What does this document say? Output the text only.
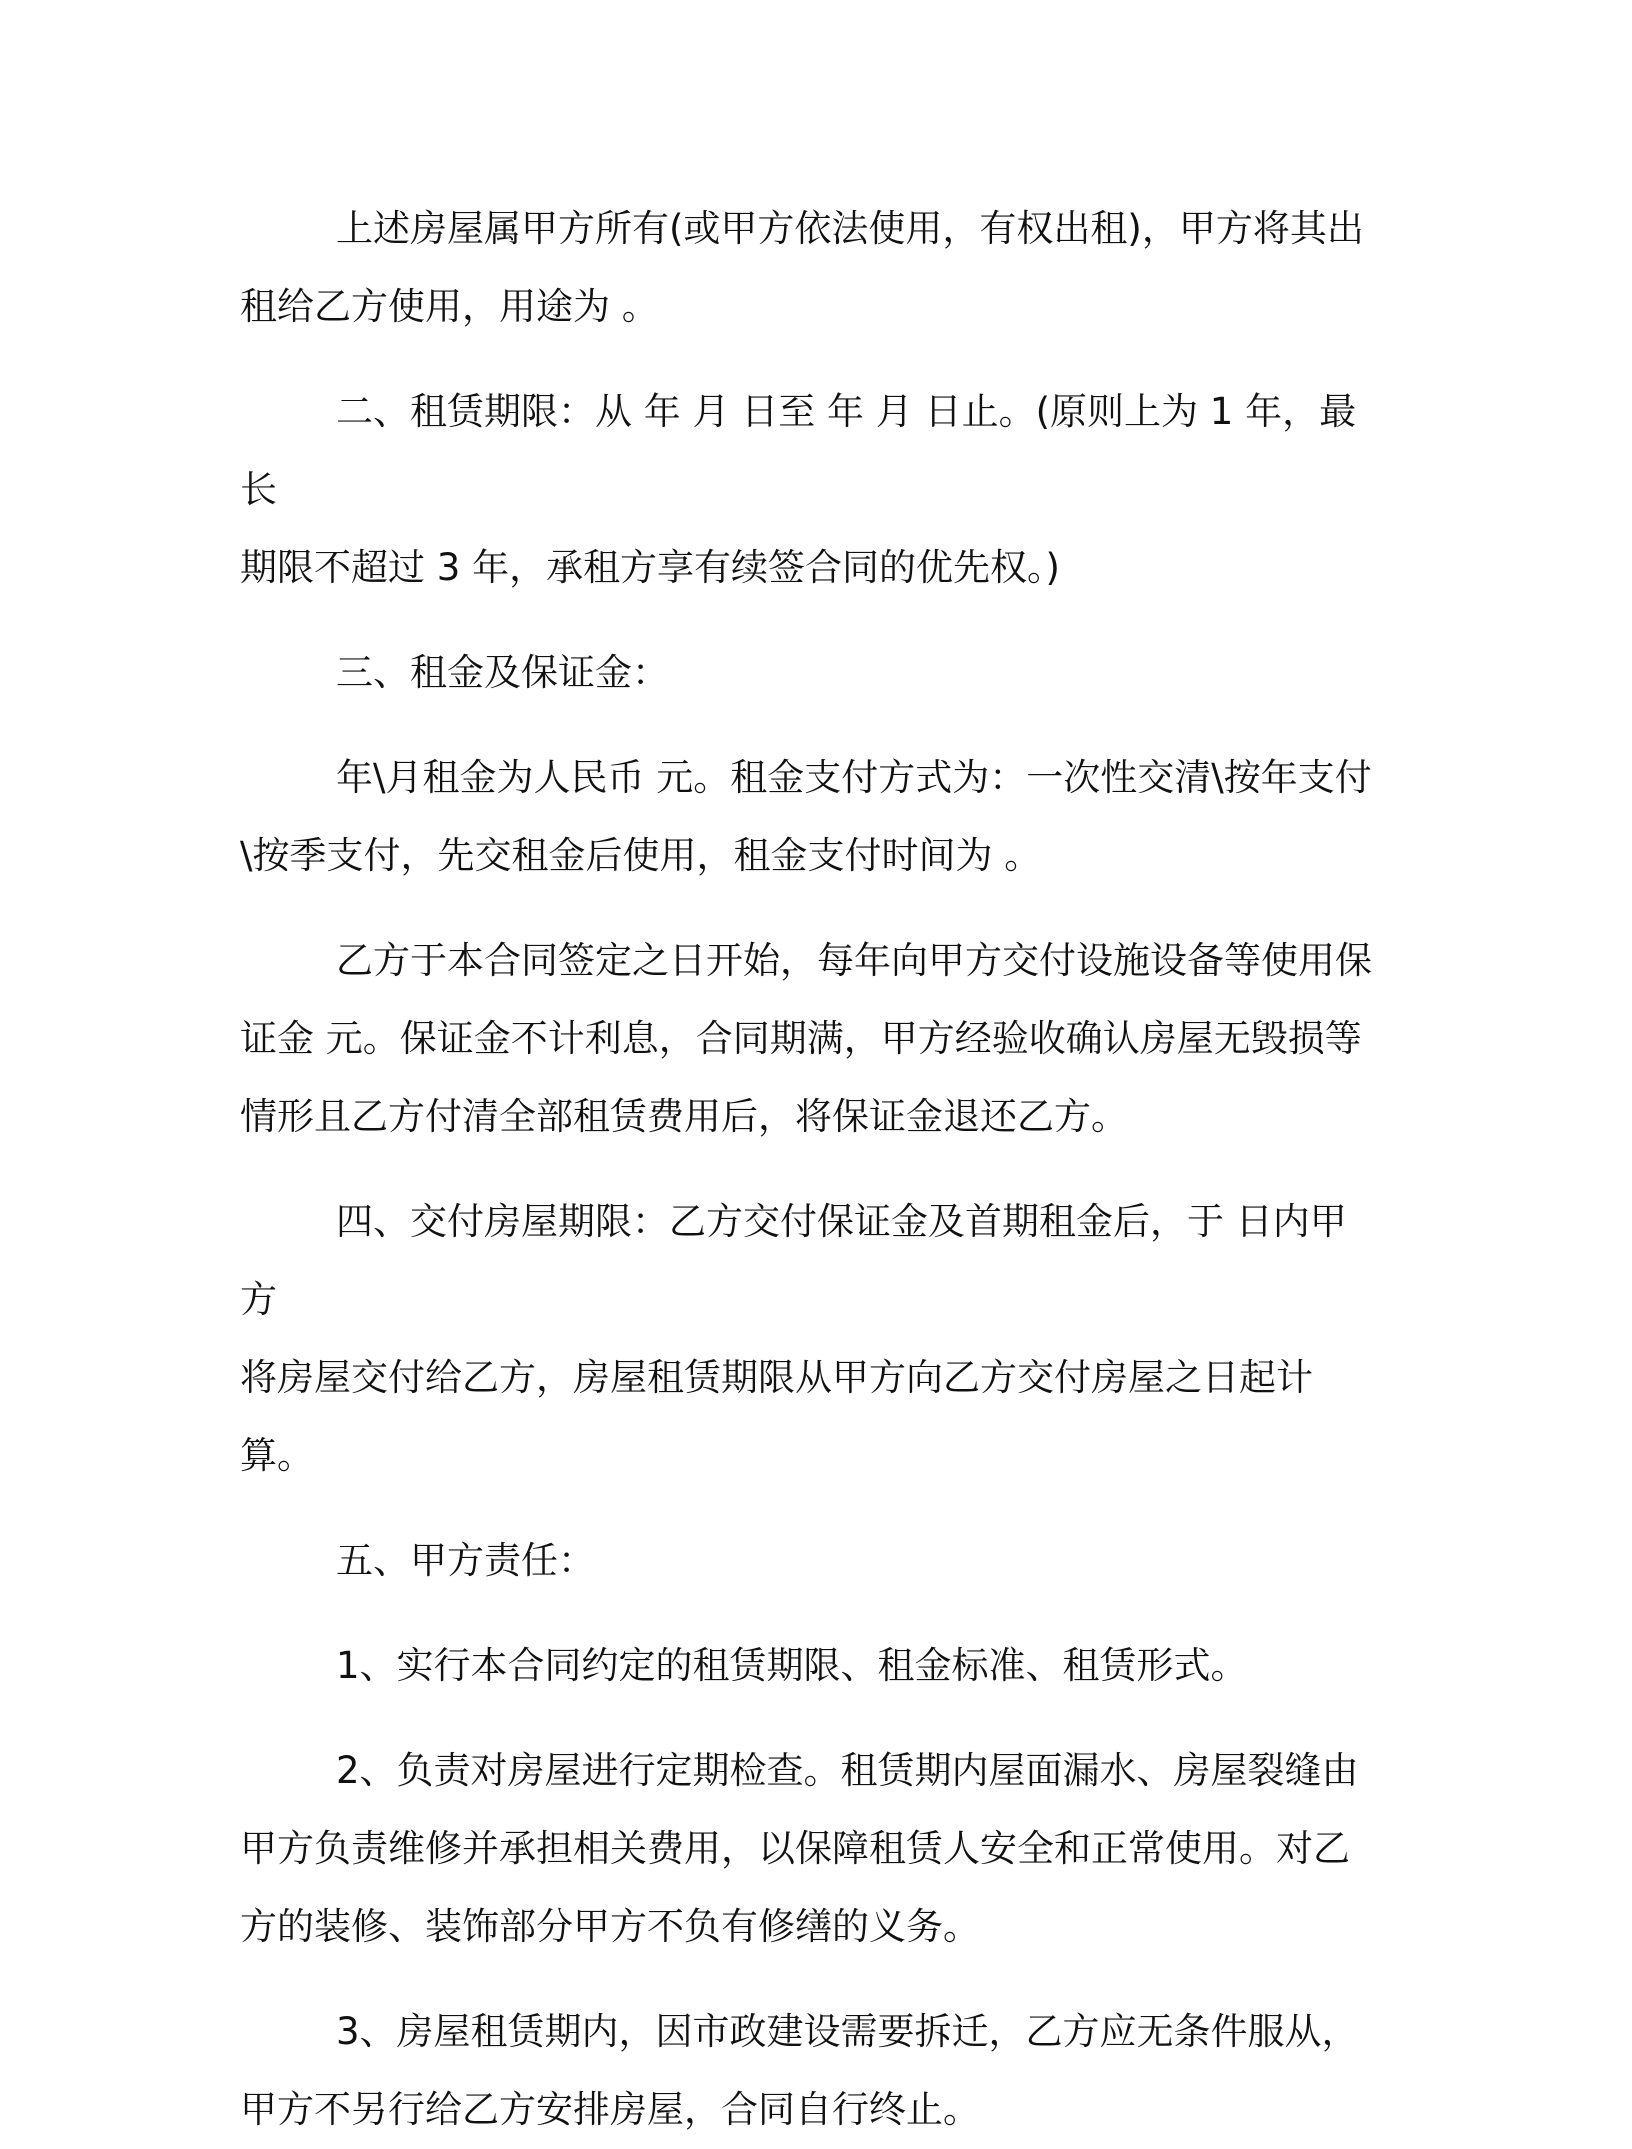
上述房屋属甲方所有(或甲方依法使用，有权出租)，甲方将其出
租给乙方使用，用途为 。

二、租赁期限：从 年 月 日至 年 月 日止。(原则上为 1 年，最长
期限不超过 3 年，承租方享有续签合同的优先权。)

三、租金及保证金：

年\月租金为人民币 元。租金支付方式为：一次性交清\按年支付
\按季支付，先交租金后使用，租金支付时间为 。

乙方于本合同签定之日开始，每年向甲方交付设施设备等使用保
证金 元。保证金不计利息，合同期满，甲方经验收确认房屋无毁损等
情形且乙方付清全部租赁费用后，将保证金退还乙方。

四、交付房屋期限：乙方交付保证金及首期租金后，于 日内甲方
将房屋交付给乙方，房屋租赁期限从甲方向乙方交付房屋之日起计算。

五、甲方责任：

1、实行本合同约定的租赁期限、租金标准、租赁形式。

2、负责对房屋进行定期检查。租赁期内屋面漏水、房屋裂缝由
甲方负责维修并承担相关费用，以保障租赁人安全和正常使用。对乙
方的装修、装饰部分甲方不负有修缮的义务。

3、房屋租赁期内，因市政建设需要拆迁，乙方应无条件服从，
甲方不另行给乙方安排房屋，合同自行终止。
